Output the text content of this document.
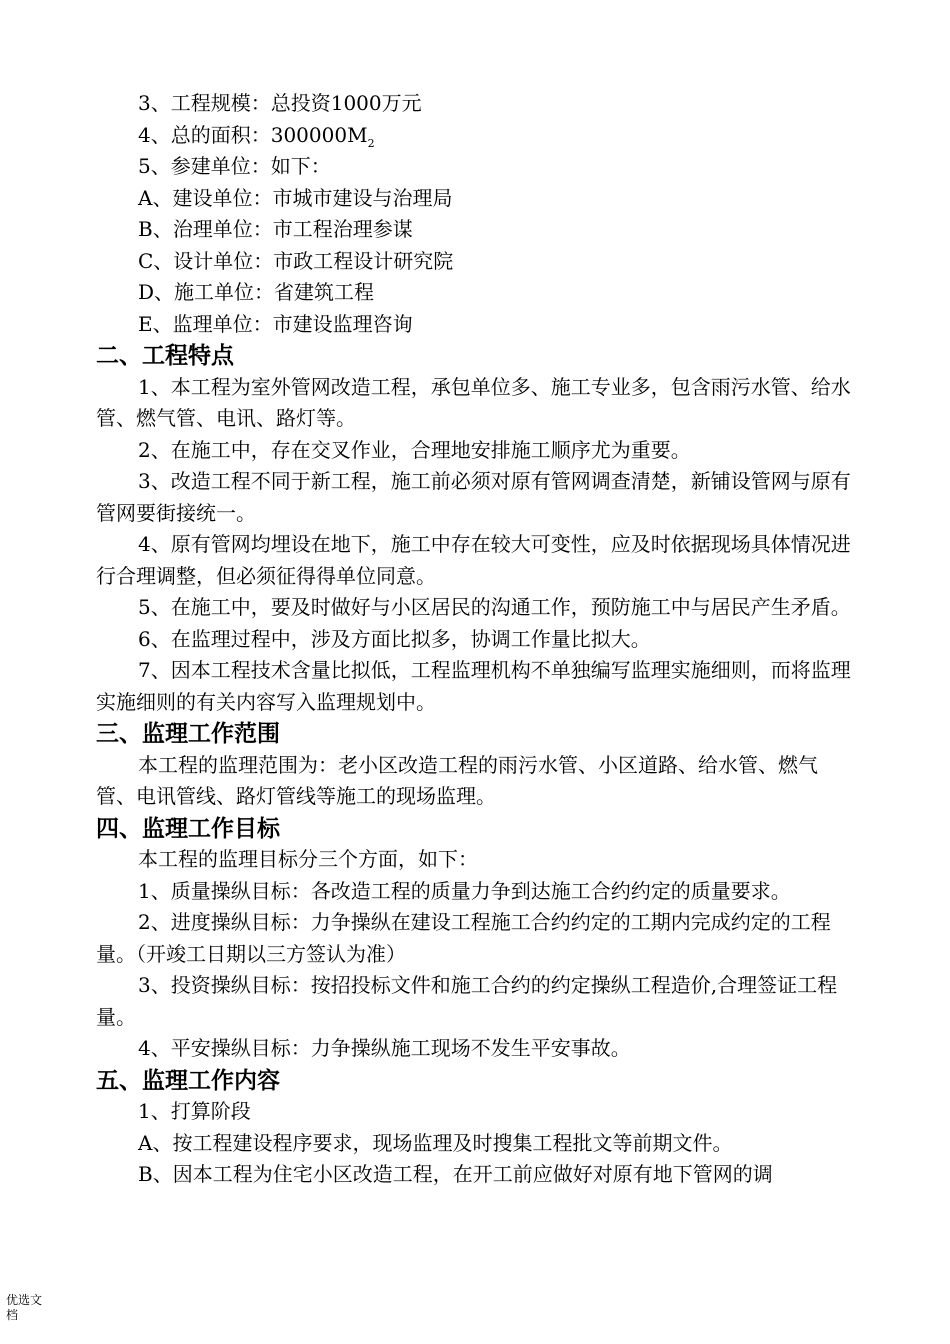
3、工程规模：总投资1000万元

4、总的面积：$300000M_2$

5、参建单位：如下：

A、建设单位：市城市建设与治理局

B、治理单位：市工程治理参谋

C、设计单位：市政工程设计研究院

D、施工单位：省建筑工程

E、监理单位：市建设监理咨询

二、工程特点

1、本工程为室外管网改造工程，承包单位多、施工专业多，包含雨污水管、给水管、燃气管、电讯、路灯等。

2、在施工中，存在交叉作业，合理地安排施工顺序尤为重要。

3、改造工程不同于新工程，施工前必须对原有管网调查清楚，新铺设管网与原有管网要街接统一。

4、原有管网均埋设在地下，施工中存在较大可变性，应及时依据现场具体情况进行合理调整，但必须征得得单位同意。

5、在施工中，要及时做好与小区居民的沟通工作，预防施工中与居民产生矛盾。

6、在监理过程中，涉及方面比拟多，协调工作量比拟大。

7、因本工程技术含量比拟低，工程监理机构不单独编写监理实施细则，而将监理实施细则的有关内容写入监理规划中。

三、监理工作范围

本工程的监理范围为：老小区改造工程的雨污水管、小区道路、给水管、燃气管、电讯管线、路灯管线等施工的现场监理。

四、监理工作目标

本工程的监理目标分三个方面，如下：

1、质量操纵目标：各改造工程的质量力争到达施工合约约定的质量要求。

2、进度操纵目标：力争操纵在建设工程施工合约约定的工期内完成约定的工程量。（开竣工日期以三方签认为准）

3、投资操纵目标：按招投标文件和施工合约的约定操纵工程造价,合理签证工程量。

4、平安操纵目标：力争操纵施工现场不发生平安事故。

五、监理工作内容

1、打算阶段

A、按工程建设程序要求，现场监理及时搜集工程批文等前期文件。

B、因本工程为住宅小区改造工程，在开工前应做好对原有地下管网的调

优选文档
